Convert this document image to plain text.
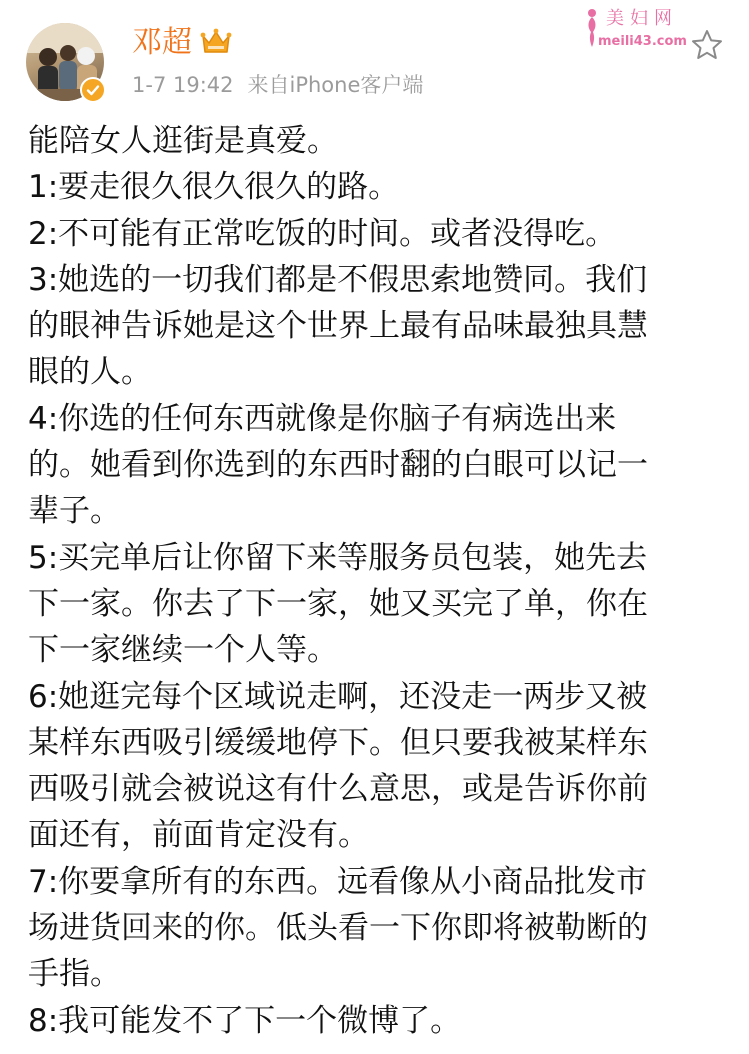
邓超
1-7 19:42 来自iPhone客户端
美妇网
meili43.com
能陪女人逛街是真爱。
1:要走很久很久很久的路。
2:不可能有正常吃饭的时间。或者没得吃。
3:她选的一切我们都是不假思索地赞同。我们
的眼神告诉她是这个世界上最有品味最独具慧
眼的人。
4:你选的任何东西就像是你脑子有病选出来
的。她看到你选到的东西时翻的白眼可以记一
辈子。
5:买完单后让你留下来等服务员包装，她先去
下一家。你去了下一家，她又买完了单，你在
下一家继续一个人等。
6:她逛完每个区域说走啊，还没走一两步又被
某样东西吸引缓缓地停下。但只要我被某样东
西吸引就会被说这有什么意思，或是告诉你前
面还有，前面肯定没有。
7:你要拿所有的东西。远看像从小商品批发市
场进货回来的你。低头看一下你即将被勒断的
手指。
8:我可能发不了下一个微博了。
